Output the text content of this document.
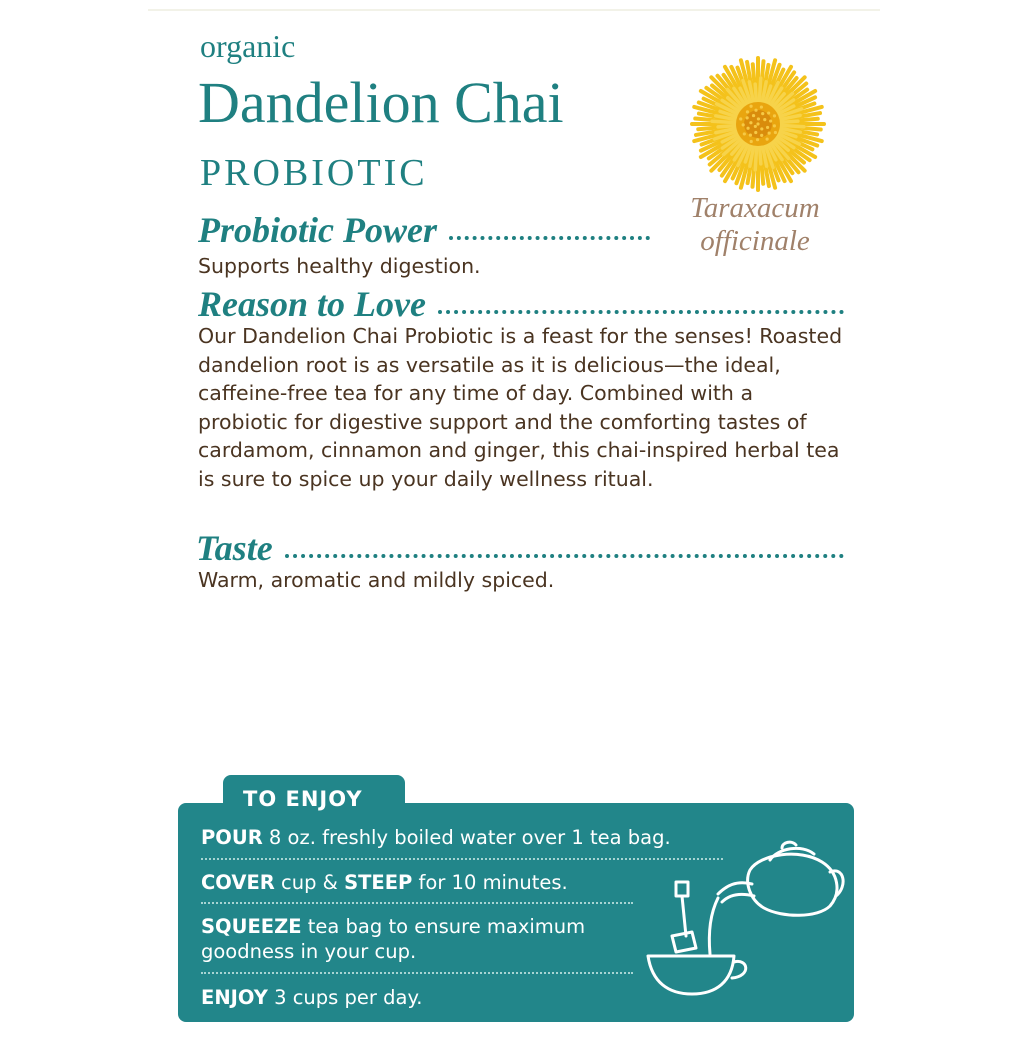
organic
Dandelion Chai
PROBIOTIC
Taraxacum
officinale
Probiotic Power
Supports healthy digestion.
Reason to Love
Our Dandelion Chai Probiotic is a feast for the senses! Roasted dandelion root is as versatile as it is delicious—the ideal, caffeine-free tea for any time of day. Combined with a probiotic for digestive support and the comforting tastes of cardamom, cinnamon and ginger, this chai-inspired herbal tea is sure to spice up your daily wellness ritual.
Taste
Warm, aromatic and mildly spiced.
TO ENJOY
POUR 8 oz. freshly boiled water over 1 tea bag.
COVER cup & STEEP for 10 minutes.
SQUEEZE tea bag to ensure maximum goodness in your cup.
ENJOY 3 cups per day.
